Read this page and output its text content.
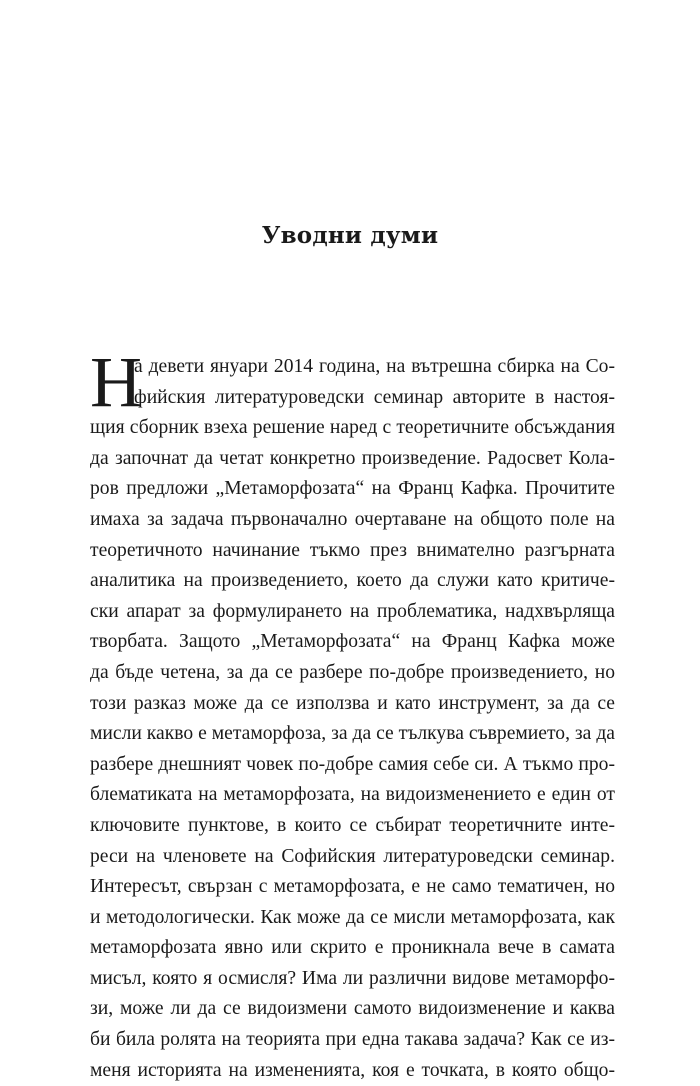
Уводни думи
Н
а девети януари 2014 година, на вътрешна сбирка на Со-
фийския литературоведски семинар авторите в настоя-
щия сборник взеха решение наред с теоретичните обсъждания
да започнат да четат конкретно произведение. Радосвет Кола-
ров предложи „Метаморфозата“ на Франц Кафка. Прочитите
имаха за задача първоначално очертаване на общото поле на
теоретичното начинание тъкмо през внимателно разгърната
аналитика на произведението, което да служи като критиче-
ски апарат за формулирането на проблематика, надхвърляща
творбата. Защото „Метаморфозата“ на Франц Кафка може
да бъде четена, за да се разбере по-добре произведението, но
този разказ може да се използва и като инструмент, за да се
мисли какво е метаморфоза, за да се тълкува съвремието, за да
разбере днешният човек по-добре самия себе си. А тъкмо про-
блематиката на метаморфозата, на видоизменението е един от
ключовите пунктове, в които се събират теоретичните инте-
реси на членовете на Софийския литературоведски семинар.
Интересът, свързан с метаморфозата, е не само тематичен, но
и методологически. Как може да се мисли метаморфозата, как
метаморфозата явно или скрито е проникнала вече в самата
мисъл, която я осмисля? Има ли различни видове метаморфо-
зи, може ли да се видоизмени самото видоизменение и каква
би била ролята на теорията при една такава задача? Как се из-
меня историята на измененията, коя е точката, в която общо-
